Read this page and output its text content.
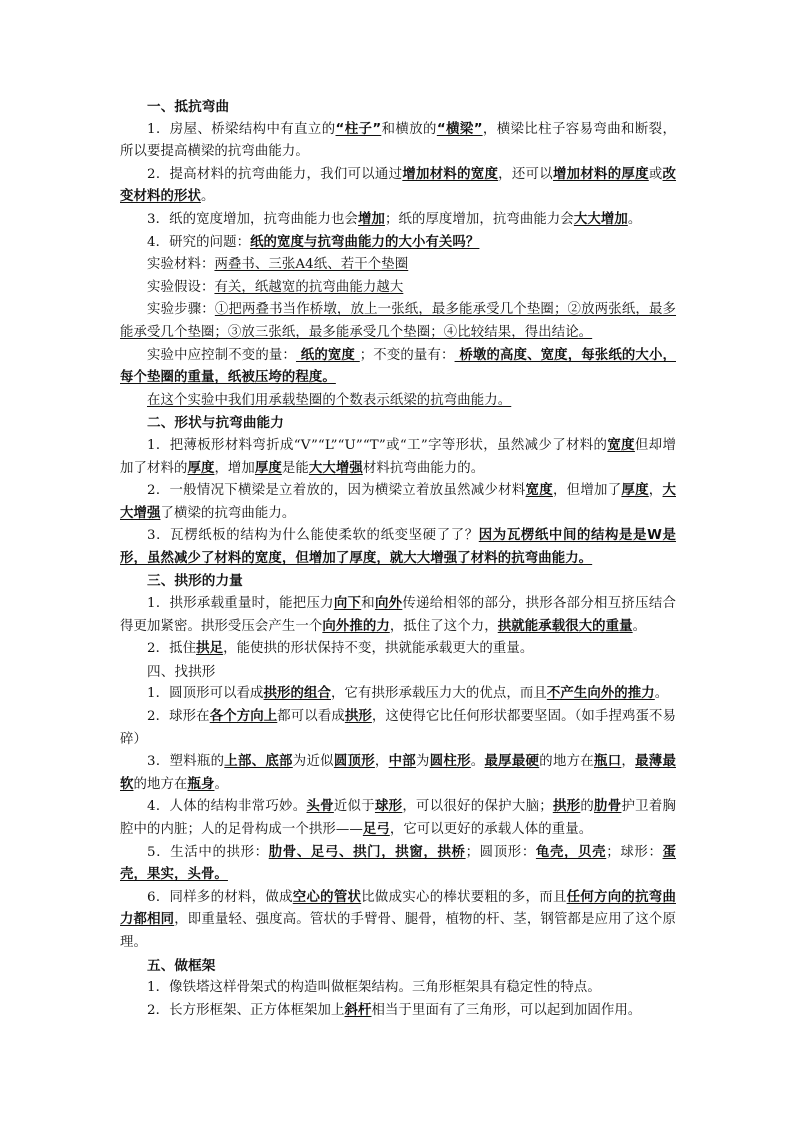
一、抵抗弯曲

1．房屋、桥梁结构中有直立的“柱子”和横放的“横梁”，横梁比柱子容易弯曲和断裂，所以要提高横梁的抗弯曲能力。

2．提高材料的抗弯曲能力，我们可以通过增加材料的宽度，还可以增加材料的厚度或改变材料的形状。

3．纸的宽度增加，抗弯曲能力也会增加；纸的厚度增加，抗弯曲能力会大大增加。

4．研究的问题：纸的宽度与抗弯曲能力的大小有关吗？

实验材料：两叠书、三张A4纸、若干个垫圈

实验假设：有关，纸越宽的抗弯曲能力越大

实验步骤：①把两叠书当作桥墩，放上一张纸，最多能承受几个垫圈；②放两张纸，最多能承受几个垫圈；③放三张纸，最多能承受几个垫圈；④比较结果，得出结论。

实验中应控制不变的量： 纸的宽度 ；不变的量有： 桥墩的高度、宽度，每张纸的大小，每个垫圈的重量，纸被压垮的程度。

在这个实验中我们用承载垫圈的个数表示纸梁的抗弯曲能力。

二、形状与抗弯曲能力

1．把薄板形材料弯折成“V”“L”“U”“T”或“工”字等形状，虽然减少了材料的宽度但却增加了材料的厚度，增加厚度是能大大增强材料抗弯曲能力的。

2．一般情况下横梁是立着放的，因为横梁立着放虽然减少材料宽度，但增加了厚度，大大增强了横梁的抗弯曲能力。

3．瓦楞纸板的结构为什么能使柔软的纸变坚硬了了？因为瓦楞纸中间的结构是是W是形，虽然减少了材料的宽度，但增加了厚度，就大大增强了材料的抗弯曲能力。

三、拱形的力量

1．拱形承载重量时，能把压力向下和向外传递给相邻的部分，拱形各部分相互挤压结合得更加紧密。拱形受压会产生一个向外推的力，抵住了这个力，拱就能承载很大的重量。

2．抵住拱足，能使拱的形状保持不变，拱就能承载更大的重量。

四、找拱形

1．圆顶形可以看成拱形的组合，它有拱形承载压力大的优点，而且不产生向外的推力。

2．球形在各个方向上都可以看成拱形，这使得它比任何形状都要坚固。（如手捏鸡蛋不易碎）

3．塑料瓶的上部、底部为近似圆顶形，中部为圆柱形。最厚最硬的地方在瓶口，最薄最软的地方在瓶身。

4．人体的结构非常巧妙。头骨近似于球形，可以很好的保护大脑；拱形的肋骨护卫着胸腔中的内脏；人的足骨构成一个拱形——足弓，它可以更好的承载人体的重量。

5．生活中的拱形：肋骨、足弓、拱门，拱窗，拱桥；圆顶形：龟壳，贝壳；球形：蛋壳，果实，头骨。

6．同样多的材料，做成空心的管状比做成实心的棒状要粗的多，而且任何方向的抗弯曲力都相同，即重量轻、强度高。管状的手臂骨、腿骨，植物的杆、茎，钢管都是应用了这个原理。

五、做框架

1．像铁塔这样骨架式的构造叫做框架结构。三角形框架具有稳定性的特点。

2．长方形框架、正方体框架加上斜杆相当于里面有了三角形，可以起到加固作用。
